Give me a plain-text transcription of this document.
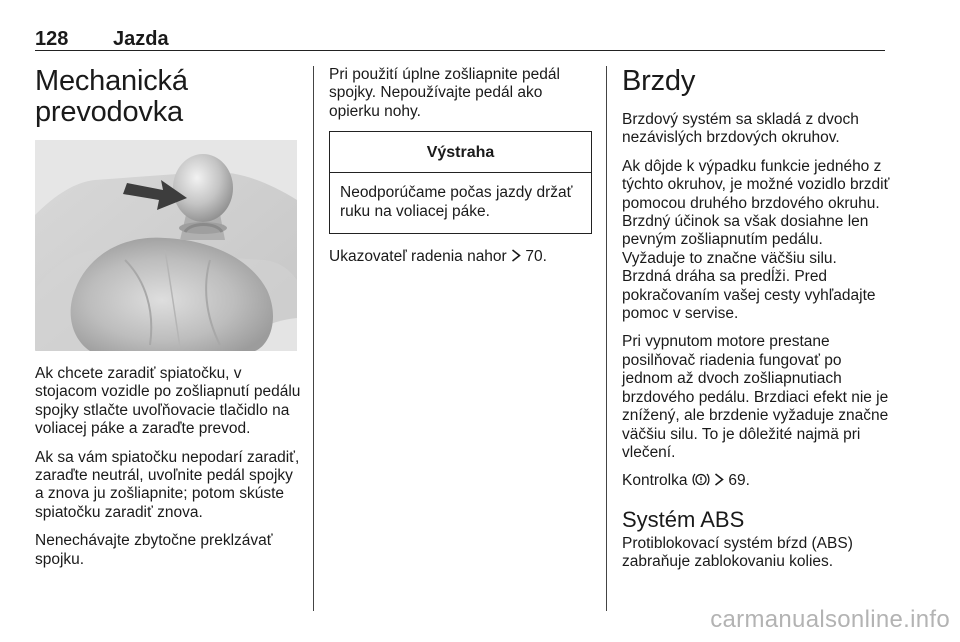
128 Jazda
Mechanická prevodovka

Ak chcete zaradiť spiatočku, v stojacom vozidle po zošliapnutí pedálu spojky stlačte uvoľňovacie tlačidlo na voliacej páke a zaraďte prevod.

Ak sa vám spiatočku nepodarí zaradiť, zaraďte neutrál, uvoľnite pedál spojky a znova ju zošliapnite; potom skúste spiatočku zaradiť znova.

Nenechávajte zbytočne preklzávať spojku.

Pri použití úplne zošliapnite pedál spojky. Nepoužívajte pedál ako opierku nohy.

Výstraha
Neodporúčame počas jazdy držať ruku na voliacej páke.

Ukazovateľ radenia nahor 70.

Brzdy

Brzdový systém sa skladá z dvoch nezávislých brzdových okruhov.

Ak dôjde k výpadku funkcie jedného z týchto okruhov, je možné vozidlo brzdiť pomocou druhého brzdového okruhu. Brzdný účinok sa však dosiahne len pevným zošliapnutím pedálu. Vyžaduje to značne väčšiu silu. Brzdná dráha sa predĺži. Pred pokračovaním vašej cesty vyhľadajte pomoc v servise.

Pri vypnutom motore prestane posilňovač riadenia fungovať po jednom až dvoch zošliapnutiach brzdového pedálu. Brzdiaci efekt nie je znížený, ale brzdenie vyžaduje značne väčšiu silu. To je dôležité najmä pri vlečení.

Kontrolka	69.

Systém ABS

Protiblokovací systém bŕzd (ABS) zabraňuje zablokovaniu kolies.

carmanualsonline.info
